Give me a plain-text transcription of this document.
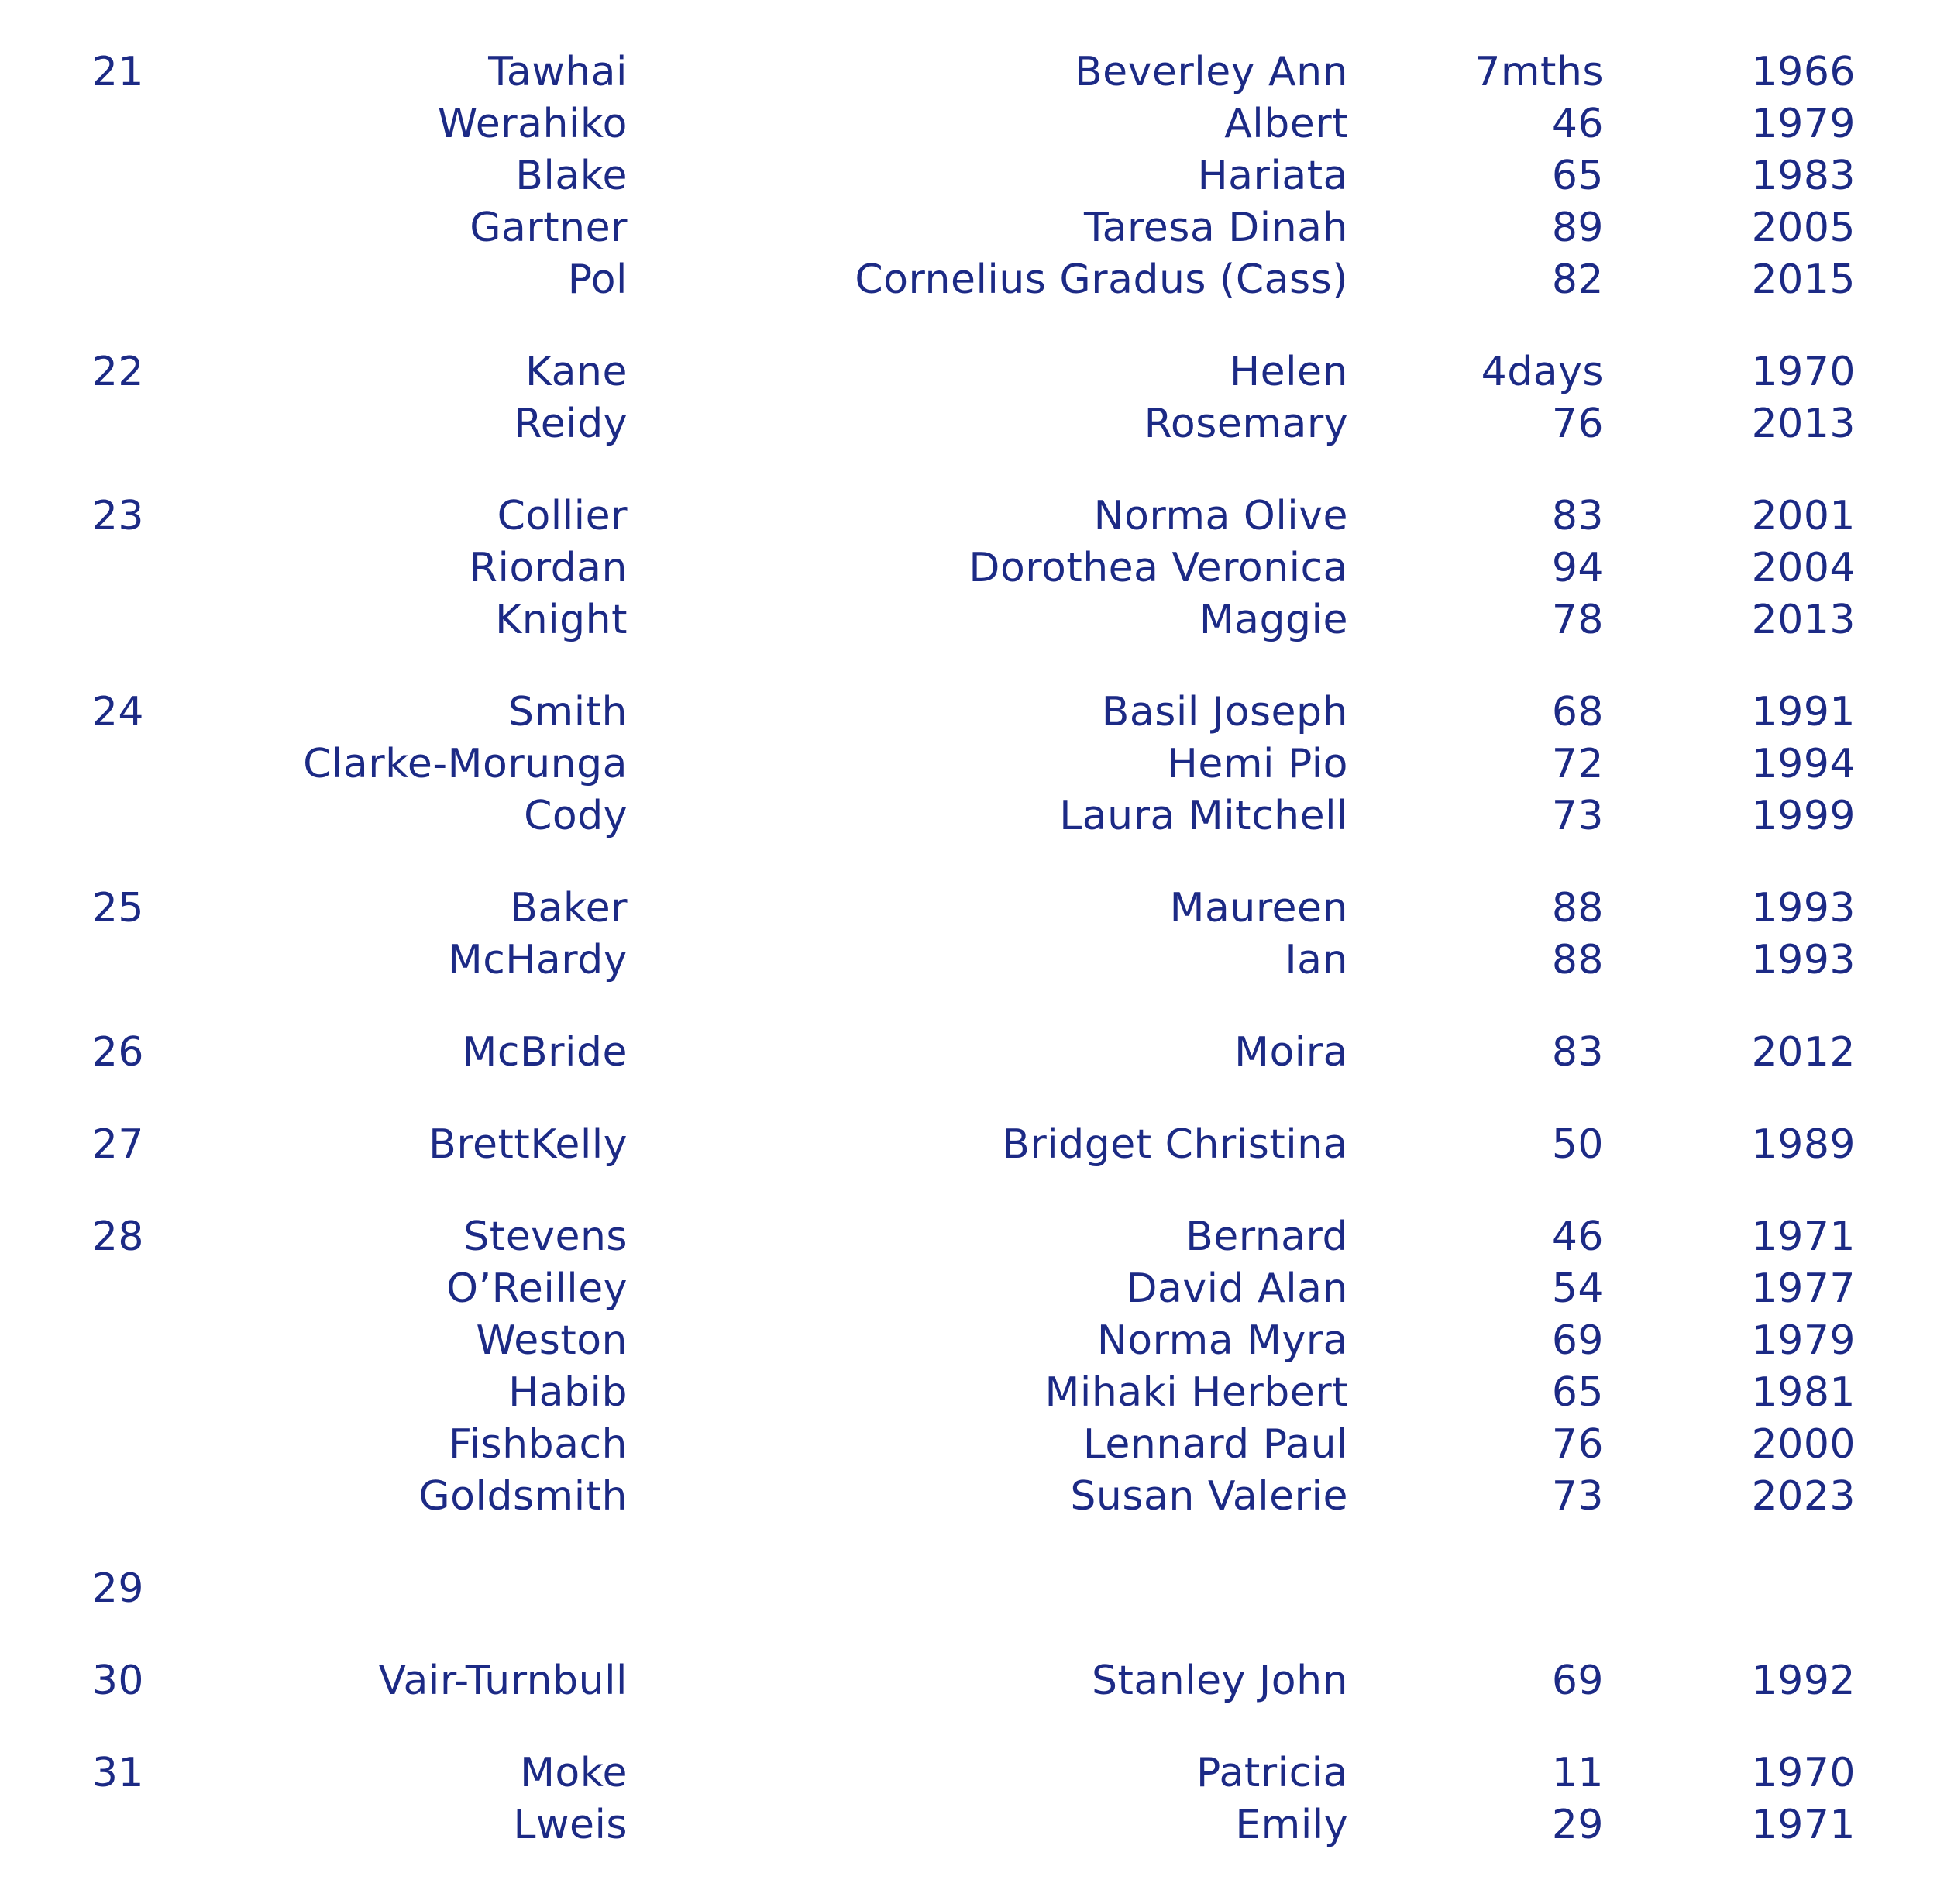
21	Tawhai	Beverley Ann	7mths	1966
Werahiko	Albert	46	1979
Blake	Hariata	65	1983
Gartner	Taresa Dinah	89	2005
Pol	Cornelius Gradus (Cass)	82	2015
22	Kane	Helen	4days	1970
Reidy	Rosemary	76	2013
23	Collier	Norma Olive	83	2001
Riordan	Dorothea Veronica	94	2004
Knight	Maggie	78	2013
24	Smith	Basil Joseph	68	1991
Clarke-Morunga	Hemi Pio	72	1994
Cody	Laura Mitchell	73	1999
25	Baker	Maureen	88	1993
McHardy	Ian	88	1993
26	McBride	Moira	83	2012
27	BrettKelly	Bridget Christina	50	1989
28	Stevens	Bernard	46	1971
O’Reilley	David Alan	54	1977
Weston	Norma Myra	69	1979
Habib	Mihaki Herbert	65	1981
Fishbach	Lennard Paul	76	2000
Goldsmith	Susan Valerie	73	2023
29
30	Vair-Turnbull	Stanley John	69	1992
31	Moke	Patricia	11	1970
Lweis	Emily	29	1971
